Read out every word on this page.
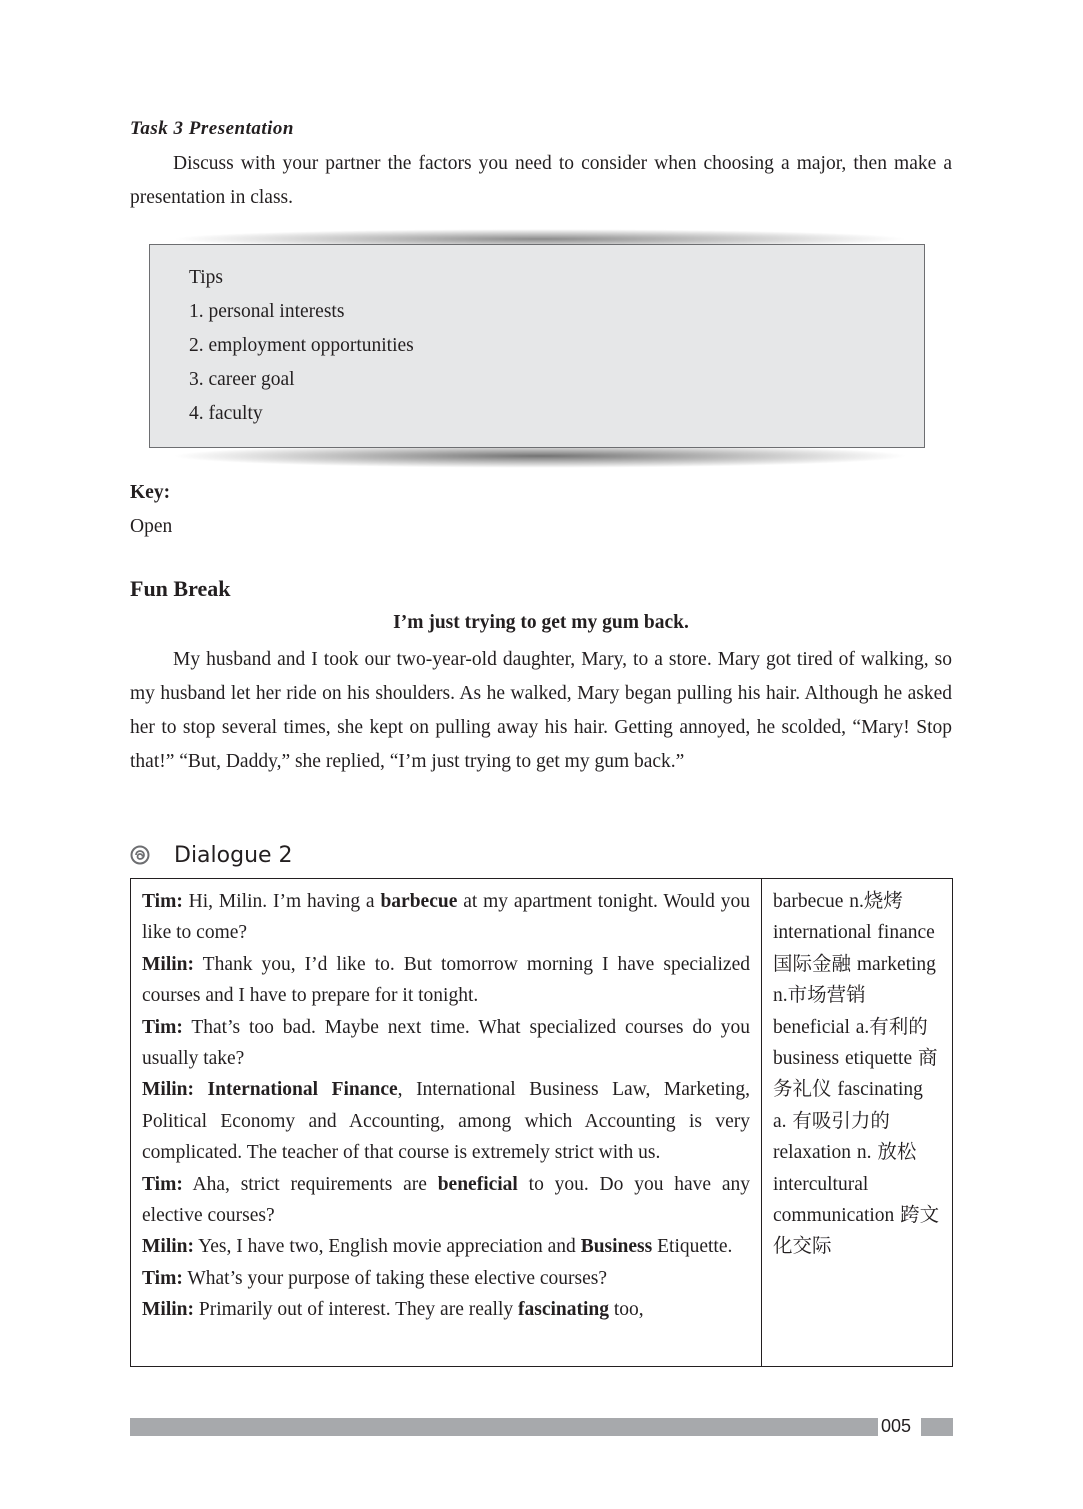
Task 3 Presentation
Discuss with your partner the factors you need to consider when choosing a major, then make a presentation in class.
Tips
1. personal interests
2. employment opportunities
3. career goal
4. faculty
Key:
Open
Fun Break
I’m just trying to get my gum back.
My husband and I took our two-year-old daughter, Mary, to a store. Mary got tired of walking, so my husband let her ride on his shoulders. As he walked, Mary began pulling his hair. Although he asked her to stop several times, she kept on pulling away his hair. Getting annoyed, he scolded, “Mary! Stop that!” “But, Daddy,” she replied, “I’m just trying to get my gum back.”
Dialogue 2

Tim: Hi, Milin. I’m having a barbecue at my apartment tonight. Would you like to come?

Milin: Thank you, I’d like to. But tomorrow morning I have specialized courses and I have to prepare for it tonight.

Tim: That’s too bad. Maybe next time. What specialized courses do you usually take?

Milin: International Finance, International Business Law, Marketing, Political Economy and Accounting, among which Accounting is very complicated. The teacher of that course is extremely strict with us.

Tim: Aha, strict requirements are beneficial to you. Do you have any elective courses?

Milin: Yes, I have two, English movie appreciation and Business Etiquette.

Tim: What’s your purpose of taking these elective courses?

Milin: Primarily out of interest. They are really fascinating too,

barbecue n.烧烤 international finance 国际金融 marketing n.市场营销 beneficial a.有利的 business etiquette 商务礼仪 fascinating a. 有吸引力的 relaxation n. 放松 intercultural communication 跨文化交际
005
